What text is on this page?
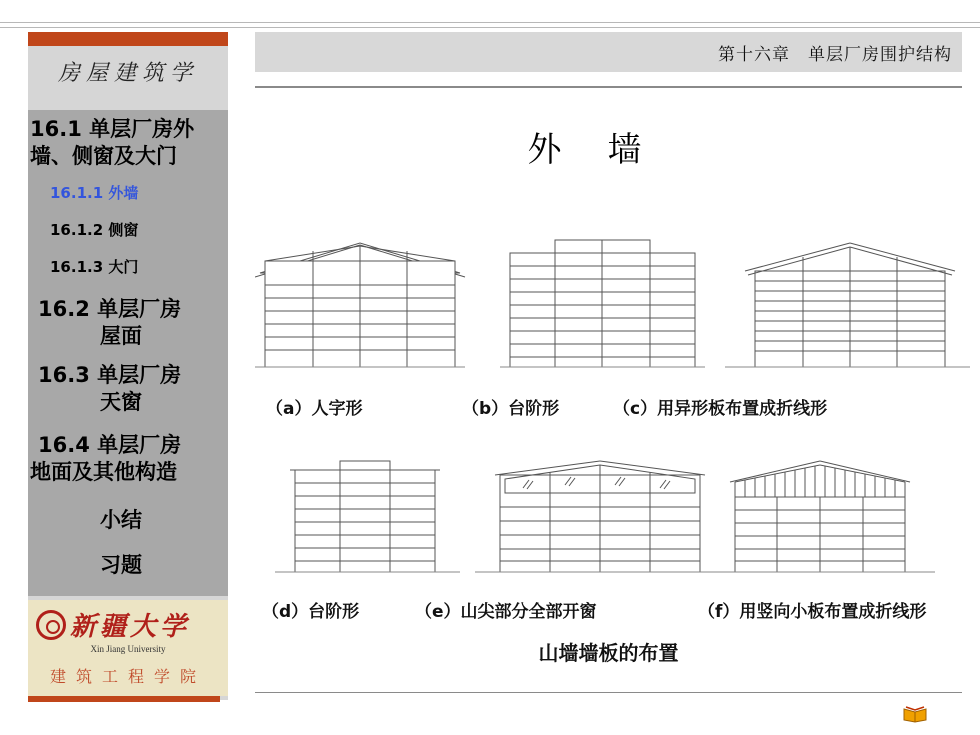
房屋建筑学
16.1 单层厂房外
墙、侧窗及大门
16.1.1 外墙
16.1.2 侧窗
16.1.3 大门
16.2 单层厂房
屋面
16.3 单层厂房
天窗
16.4 单层厂房
地面及其他构造
小结
习题
新疆大学
Xin Jiang University
建筑工程学院
第十六章　单层厂房围护结构
外　墙
（a）人字形	（b）台阶形	（c）用异形板布置成折线形
（d）台阶形	（e）山尖部分全部开窗	（f）用竖向小板布置成折线形
山墙墙板的布置
